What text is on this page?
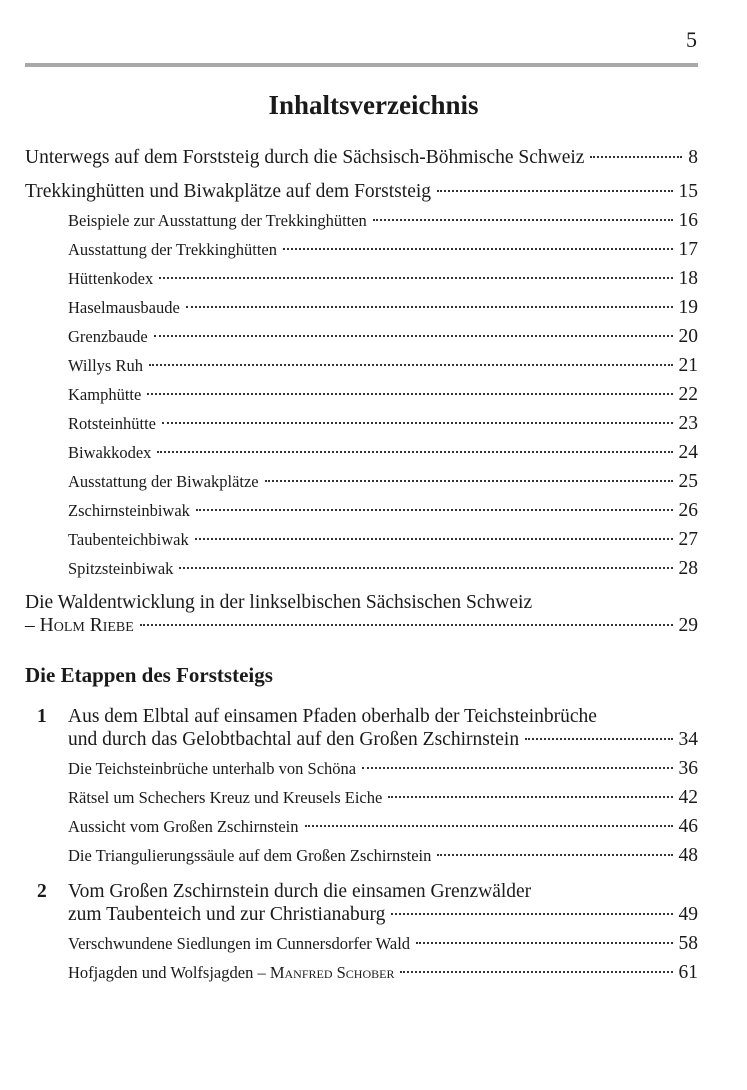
5
Inhaltsverzeichnis
Unterwegs auf dem Forststeig durch die Sächsisch-Böhmische Schweiz	8
Trekkinghütten und Biwakplätze auf dem Forststeig	15
Beispiele zur Ausstattung der Trekkinghütten	16
Ausstattung der Trekkinghütten	17
Hüttenkodex	18
Haselmausbaude	19
Grenzbaude	20
Willys Ruh	21
Kamphütte	22
Rotsteinhütte	23
Biwakkodex	24
Ausstattung der Biwakplätze	25
Zschirnsteinbiwak	26
Taubenteichbiwak	27
Spitzsteinbiwak	28
Die Waldentwicklung in der linkselbischen Sächsischen Schweiz
– Holm Riebe	29
Die Etappen des Forststeigs
1	Aus dem Elbtal auf einsamen Pfaden oberhalb der Teichsteinbrüche
und durch das Gelobtbachtal auf den Großen Zschirnstein	34
Die Teichsteinbrüche unterhalb von Schöna	36
Rätsel um Schechers Kreuz und Kreusels Eiche	42
Aussicht vom Großen Zschirnstein	46
Die Triangulierungssäule auf dem Großen Zschirnstein	48
2	Vom Großen Zschirnstein durch die einsamen Grenzwälder
zum Taubenteich und zur Christianaburg	49
Verschwundene Siedlungen im Cunnersdorfer Wald	58
Hofjagden und Wolfsjagden – Manfred Schober	61
